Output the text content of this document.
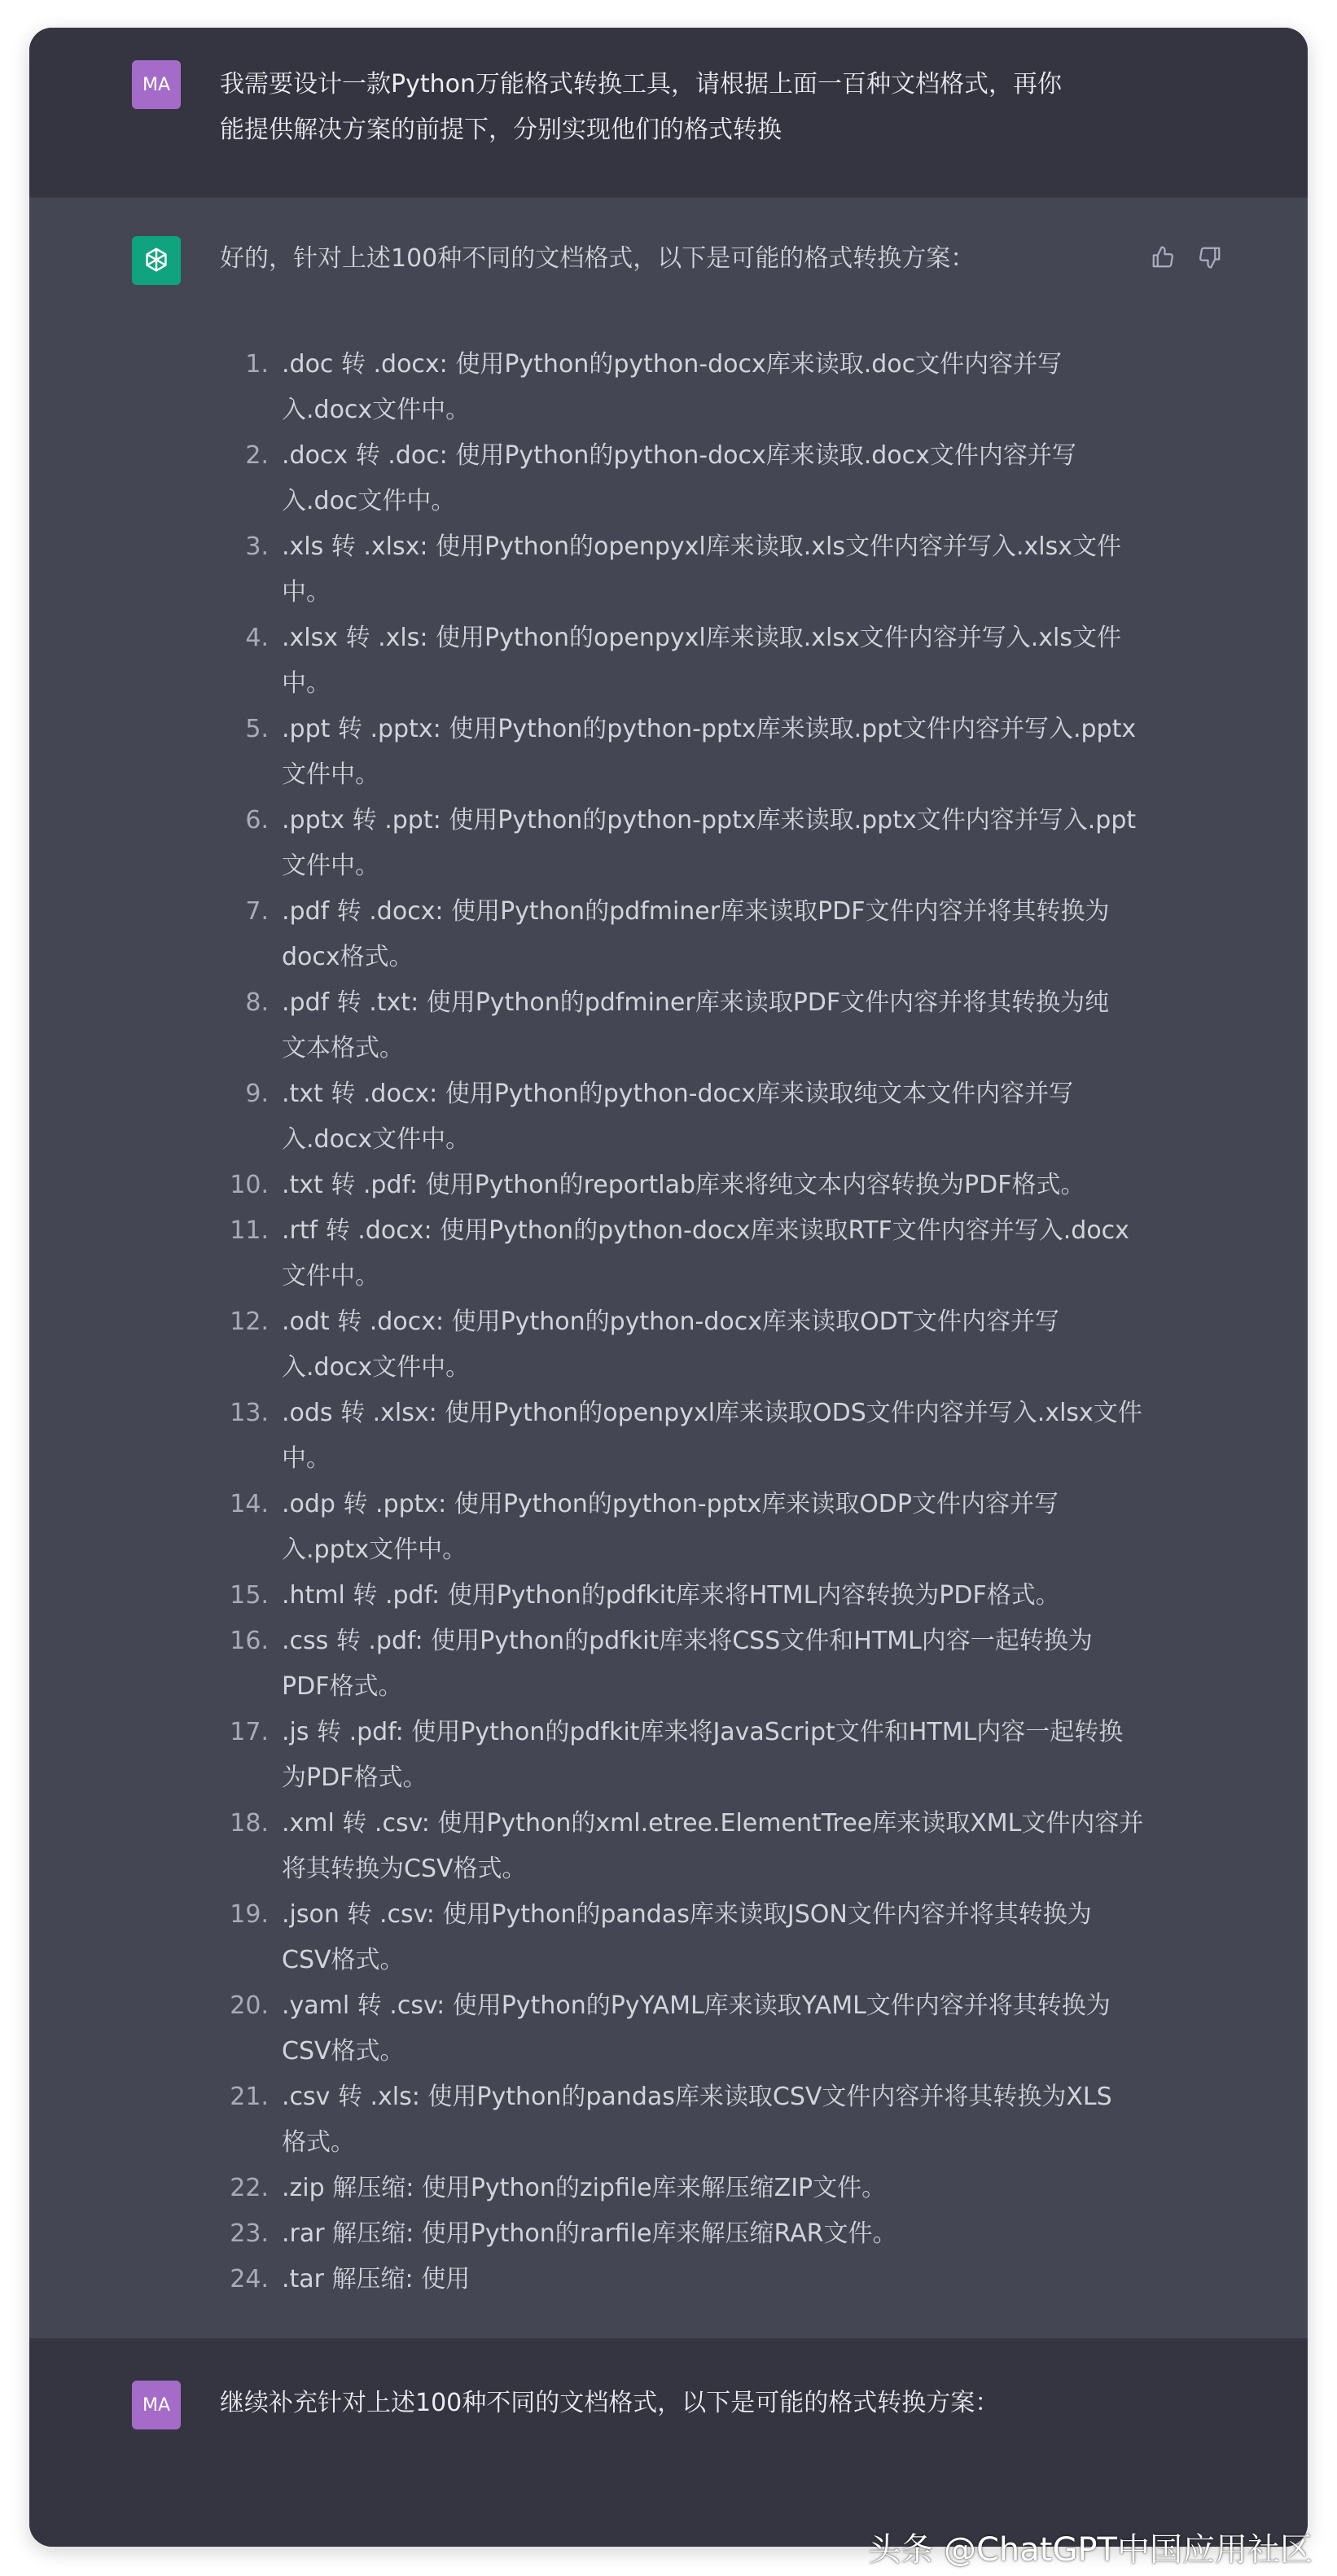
MA	我需要设计一款Python万能格式转换工具，请根据上面一百种文档格式，再你
能提供解决方案的前提下，分别实现他们的格式转换
好的，针对上述100种不同的文档格式，以下是可能的格式转换方案：
1. .doc 转 .docx: 使用Python的python-docx库来读取.doc文件内容并写
入.docx文件中。
2. .docx 转 .doc: 使用Python的python-docx库来读取.docx文件内容并写
入.doc文件中。
3. .xls 转 .xlsx: 使用Python的openpyxl库来读取.xls文件内容并写入.xlsx文件
中。
4. .xlsx 转 .xls: 使用Python的openpyxl库来读取.xlsx文件内容并写入.xls文件
中。
5. .ppt 转 .pptx: 使用Python的python-pptx库来读取.ppt文件内容并写入.pptx
文件中。
6. .pptx 转 .ppt: 使用Python的python-pptx库来读取.pptx文件内容并写入.ppt
文件中。
7. .pdf 转 .docx: 使用Python的pdfminer库来读取PDF文件内容并将其转换为
docx格式。
8. .pdf 转 .txt: 使用Python的pdfminer库来读取PDF文件内容并将其转换为纯
文本格式。
9. .txt 转 .docx: 使用Python的python-docx库来读取纯文本文件内容并写
入.docx文件中。
10. .txt 转 .pdf: 使用Python的reportlab库来将纯文本内容转换为PDF格式。
11. .rtf 转 .docx: 使用Python的python-docx库来读取RTF文件内容并写入.docx
文件中。
12. .odt 转 .docx: 使用Python的python-docx库来读取ODT文件内容并写
入.docx文件中。
13. .ods 转 .xlsx: 使用Python的openpyxl库来读取ODS文件内容并写入.xlsx文件
中。
14. .odp 转 .pptx: 使用Python的python-pptx库来读取ODP文件内容并写
入.pptx文件中。
15. .html 转 .pdf: 使用Python的pdfkit库来将HTML内容转换为PDF格式。
16. .css 转 .pdf: 使用Python的pdfkit库来将CSS文件和HTML内容一起转换为
PDF格式。
17. .js 转 .pdf: 使用Python的pdfkit库来将JavaScript文件和HTML内容一起转换
为PDF格式。
18. .xml 转 .csv: 使用Python的xml.etree.ElementTree库来读取XML文件内容并
将其转换为CSV格式。
19. .json 转 .csv: 使用Python的pandas库来读取JSON文件内容并将其转换为
CSV格式。
20. .yaml 转 .csv: 使用Python的PyYAML库来读取YAML文件内容并将其转换为
CSV格式。
21. .csv 转 .xls: 使用Python的pandas库来读取CSV文件内容并将其转换为XLS
格式。
22. .zip 解压缩: 使用Python的zipfile库来解压缩ZIP文件。
23. .rar 解压缩: 使用Python的rarfile库来解压缩RAR文件。
24. .tar 解压缩: 使用
MA	继续补充针对上述100种不同的文档格式，以下是可能的格式转换方案：
头条 @ChatGPT中国应用社区
